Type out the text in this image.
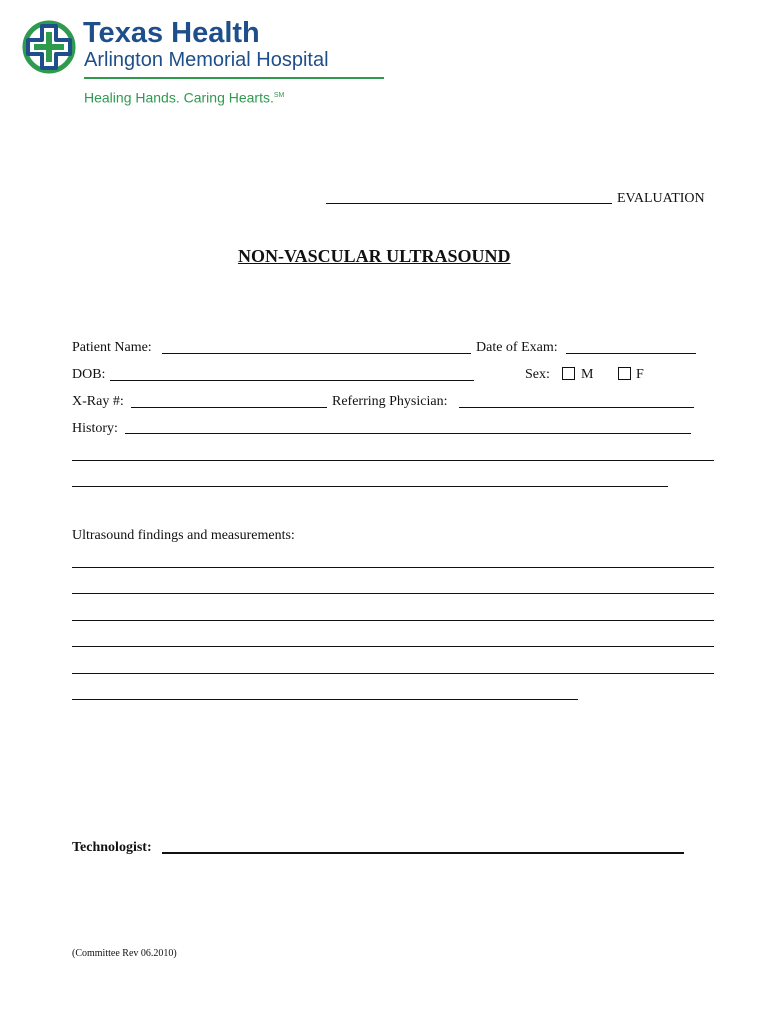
Texas Health
Arlington Memorial Hospital
Healing Hands. Caring Hearts.℠
EVALUATION
NON-VASCULAR ULTRASOUND
Patient Name:	Date of Exam:
DOB:	Sex: M	F
X-Ray #:	Referring Physician:
History:
Ultrasound findings and measurements:
Technologist:
(Committee Rev 06.2010)
